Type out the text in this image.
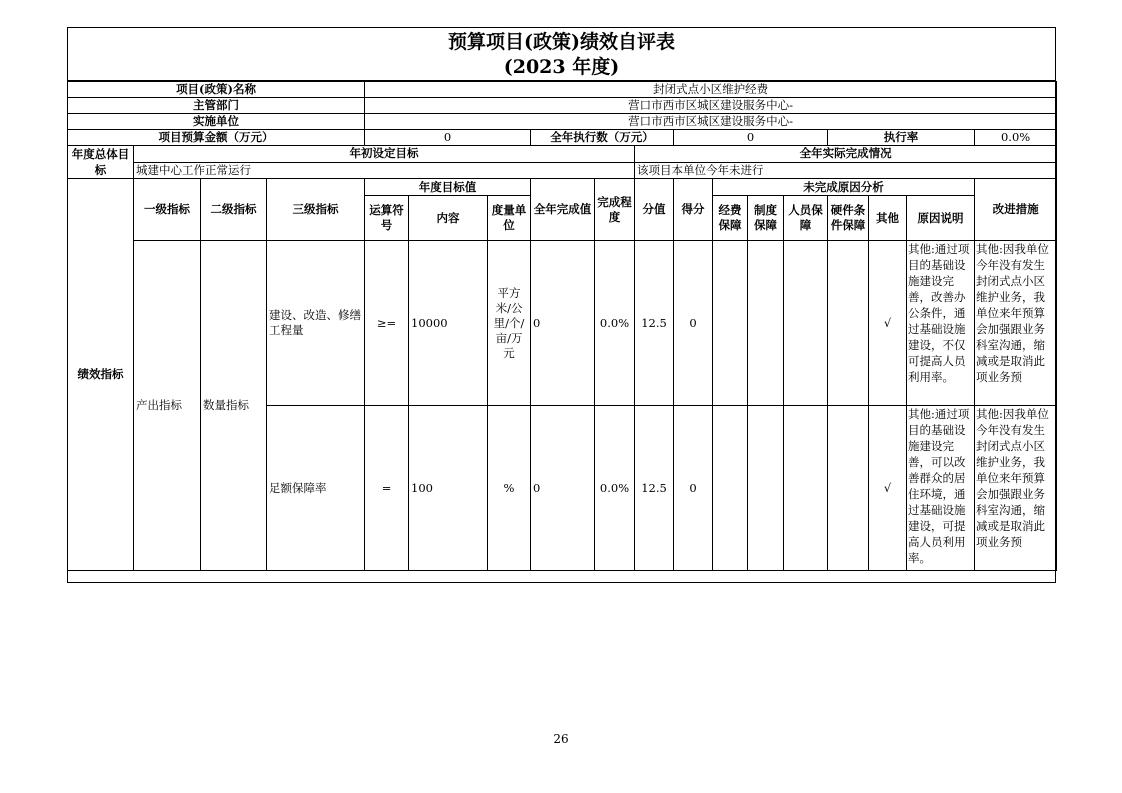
预算项目(政策)绩效自评表
(2023 年度)
项目(政策)名称				封闭式点小区维护经费													
主管部门				营口市西市区城区建设服务中心-													
实施单位				营口市西市区城区建设服务中心-													
项目预算金额（万元）				0			全年执行数（万元）			0				执行率			0.0%
年度总体目标	年初设定目标								全年实际完成情况								
	城建中心工作正常运行								该项目本单位今年未进行								
绩效指标	一级指标	二级指标	三级指标	年度目标值			全年完成值	完成程度	分值	得分	未完成原因分析						改进措施
				运算符号	内容	度量单位					经费保障	制度保障	人员保障	硬件条件保障	其他	原因说明	
	产出指标	数量指标	建设、改造、修缮工程量	≥=	10000	平方米/公里/个/亩/万元	0	0.0%	12.5	0					√	其他:通过项目的基础设施建设完善，改善办公条件，通过基础设施建设，不仅可提高人员利用率。	其他:因我单位今年没有发生封闭式点小区维护业务，我单位来年预算会加强跟业务科室沟通，缩减或是取消此项业务预
			足额保障率	=	100	%	0	0.0%	12.5	0					√	其他:通过项目的基础设施建设完善，可以改善群众的居住环境，通过基础设施建设，可提高人员利用率。	其他:因我单位今年没有发生封闭式点小区维护业务，我单位来年预算会加强跟业务科室沟通，缩减或是取消此项业务预
26
